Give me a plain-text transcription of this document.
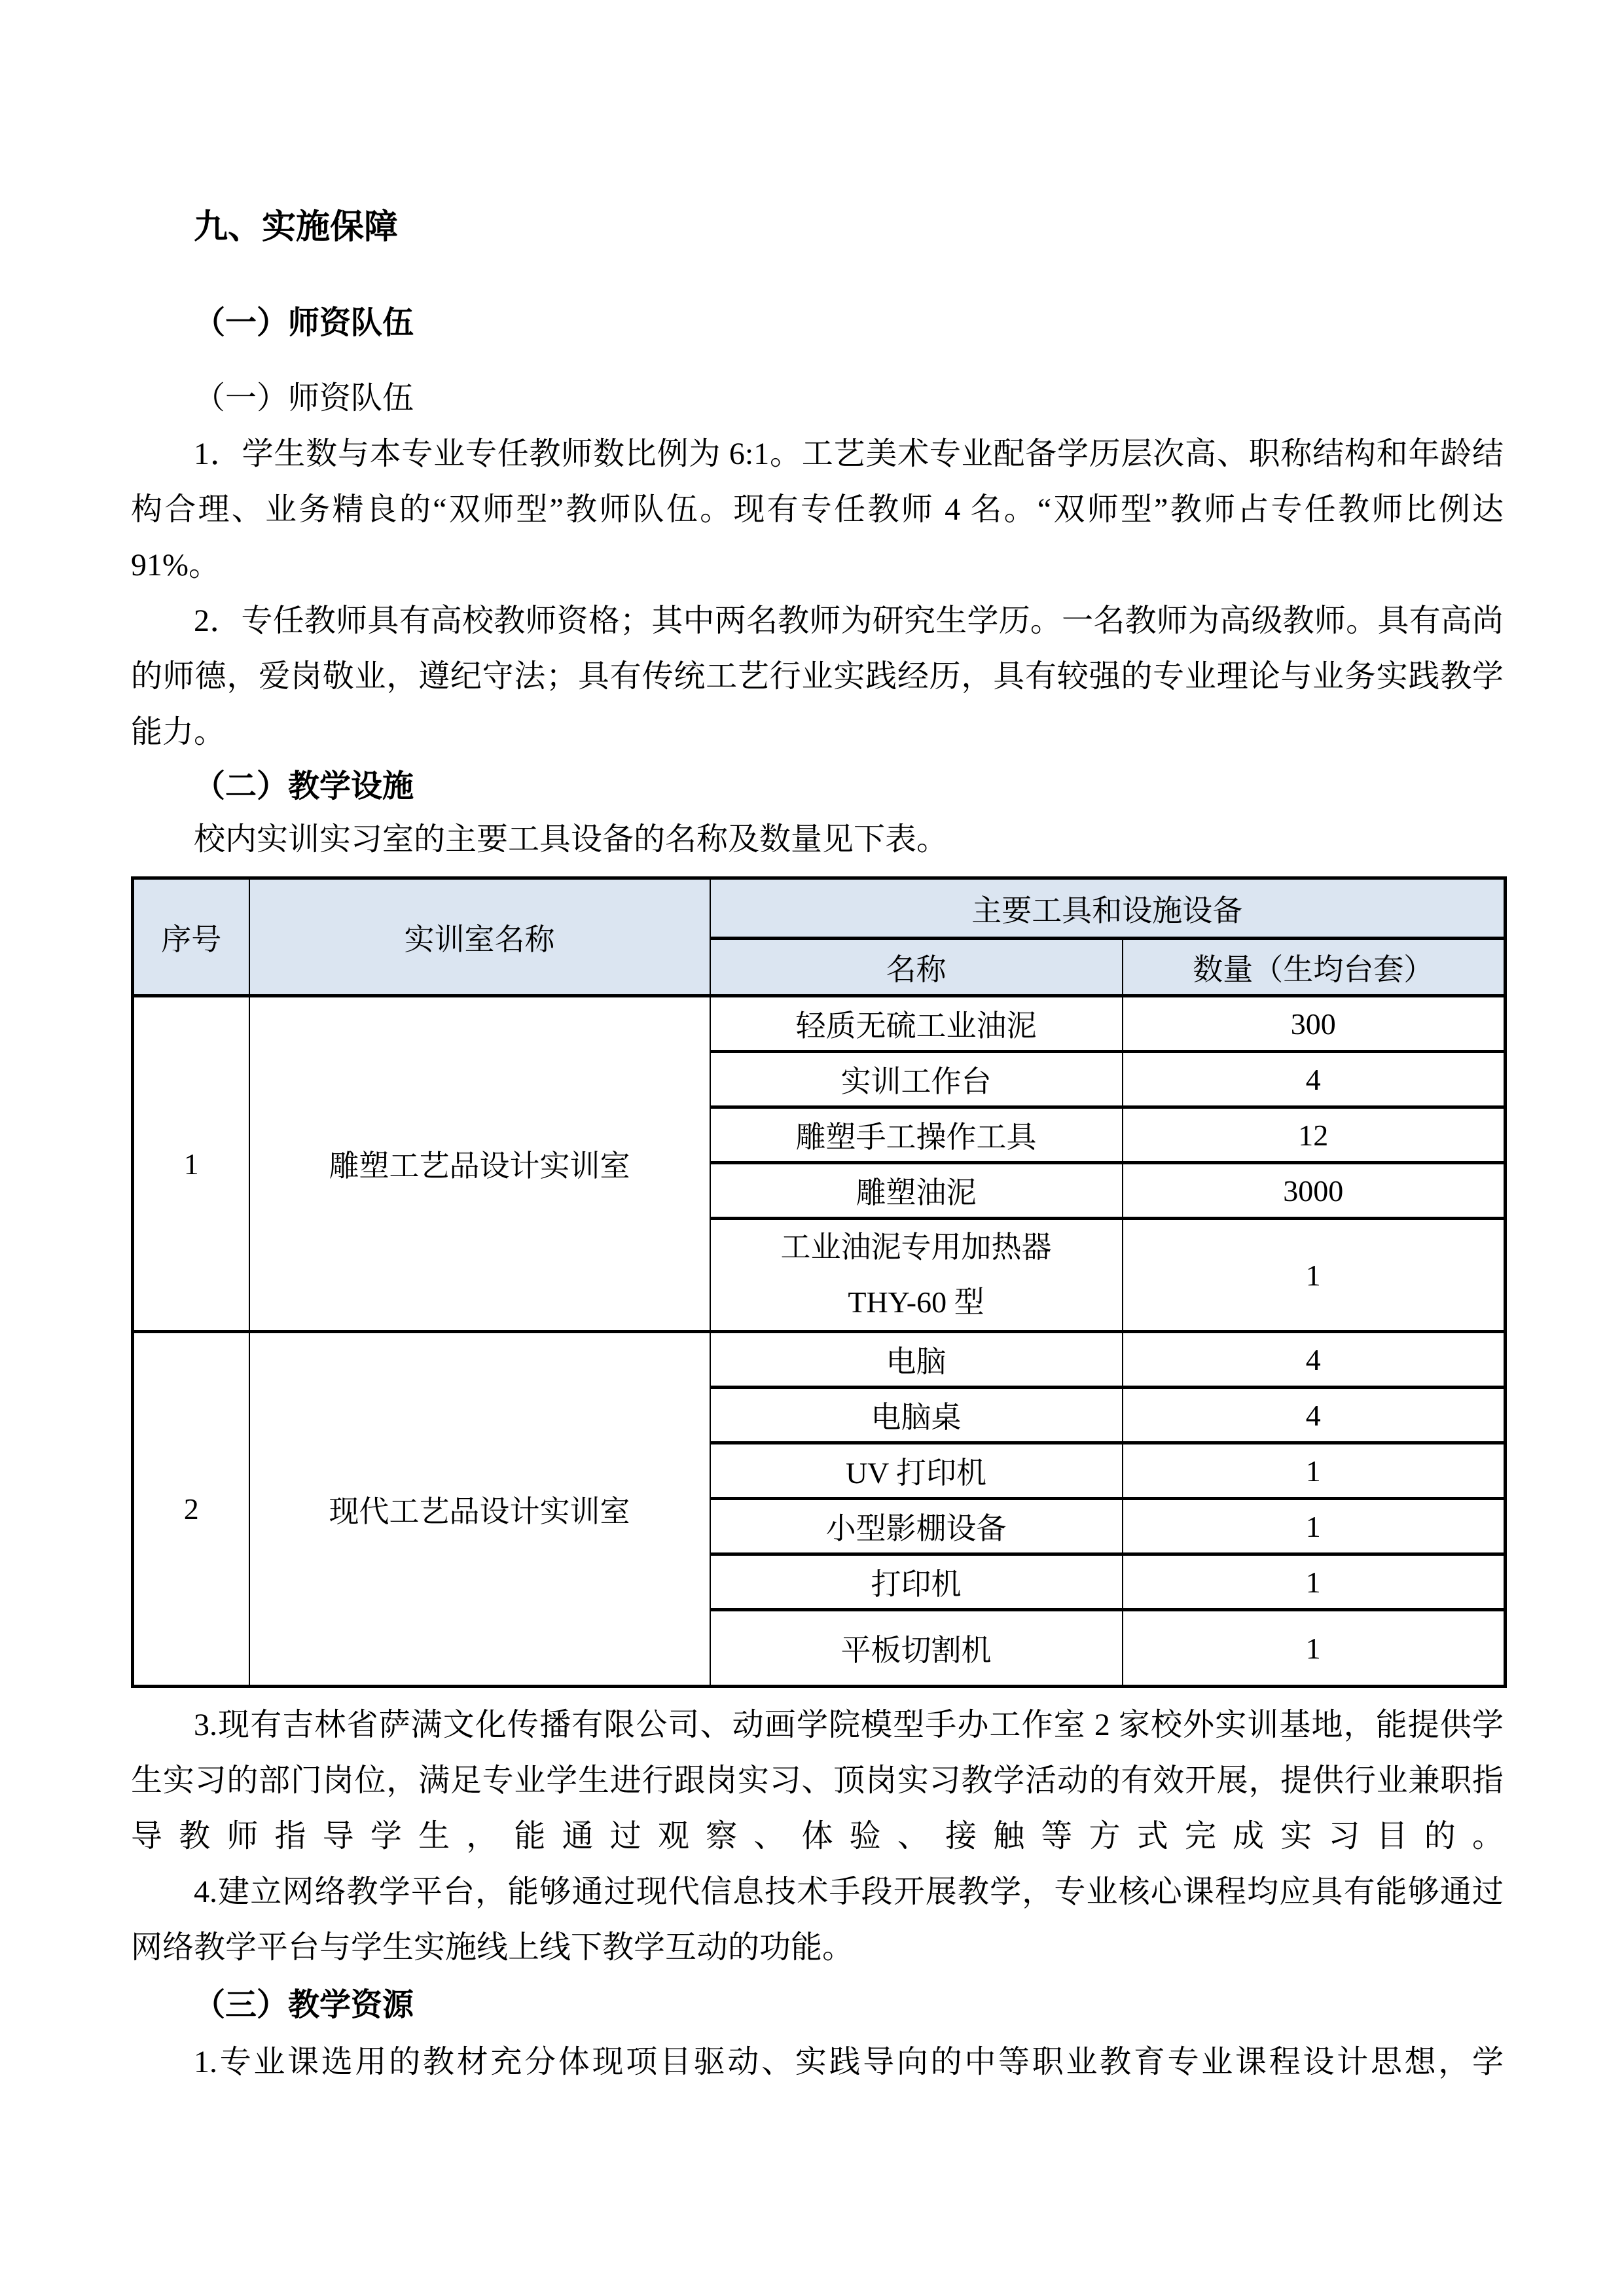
九、实施保障
（一）师资队伍
（一）师资队伍
1．学生数与本专业专任教师数比例为 6:1。工艺美术专业配备学历层次高、职称结构和年龄结构合理、业务精良的“双师型”教师队伍。现有专任教师 4 名。“双师型”教师占专任教师比例达 91%。
2．专任教师具有高校教师资格；其中两名教师为研究生学历。一名教师为高级教师。具有高尚的师德，爱岗敬业，遵纪守法；具有传统工艺行业实践经历，具有较强的专业理论与业务实践教学能力。
（二）教学设施
校内实训实习室的主要工具设备的名称及数量见下表。
序号	实训室名称	主要工具和设施设备	
		名称	数量（生均台套）
1	雕塑工艺品设计实训室	轻质无硫工业油泥	300
		实训工作台	4
		雕塑手工操作工具	12
		雕塑油泥	3000

		工业油泥专用加热器
THY-60 型	1
2	现代工艺品设计实训室	电脑	4
		电脑桌	4
		UV 打印机	1
		小型影棚设备	1
		打印机	1
		平板切割机	1
3.现有吉林省萨满文化传播有限公司、动画学院模型手办工作室 2 家校外实训基地，能提供学生实习的部门岗位，满足专业学生进行跟岗实习、顶岗实习教学活动的有效开展，提供行业兼职指导教师指导学生，能通过观察、体验、接触等方式完成实习目的。
4.建立网络教学平台，能够通过现代信息技术手段开展教学，专业核心课程均应具有能够通过网络教学平台与学生实施线上线下教学互动的功能。
（三）教学资源
1.专业课选用的教材充分体现项目驱动、实践导向的中等职业教育专业课程设计思想，学
